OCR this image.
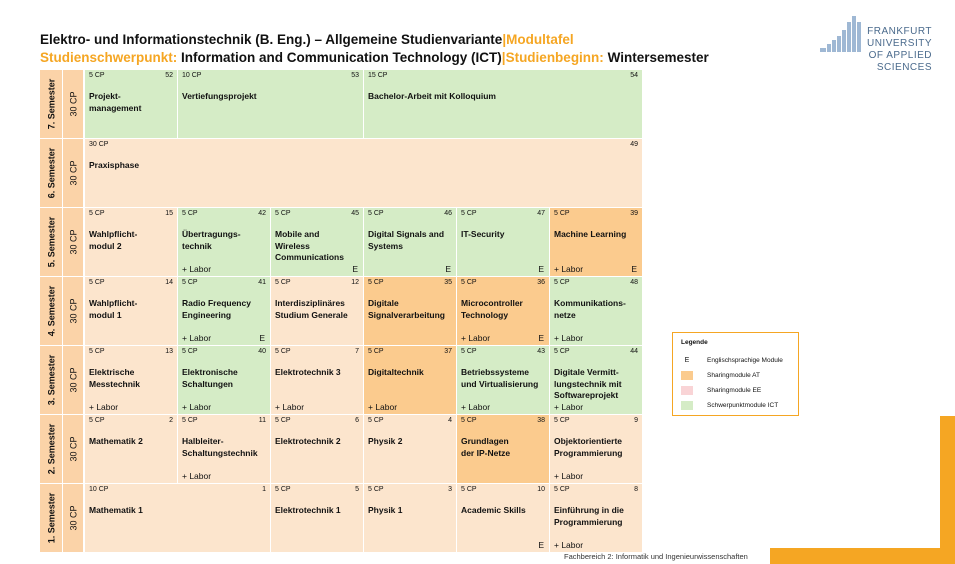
Elektro- und Informationstechnik (B. Eng.) – Allgemeine Studienvariante|Modultafel
Studienschwerpunkt: Information and Communication Technology (ICT)|Studienbeginn: Wintersemester
FRANKFURT
UNIVERSITY
OF APPLIED SCIENCES
7. Semester 30 CP
5 CP	52
Projekt-
management
10 CP	53
Vertiefungsprojekt
15 CP	54
Bachelor-Arbeit mit Kolloquium
6. Semester 30 CP
30 CP	49
Praxisphase
5. Semester 30 CP
5 CP	15
Wahlpflicht-
modul 2
5 CP	42
Übertragungs-
technik
+ Labor
5 CP	45
Mobile and
Wireless
Communications
E
5 CP	46
Digital Signals and
Systems
E
5 CP	47
IT-Security
E
5 CP	39
Machine Learning
+ Labor	E
4. Semester 30 CP
5 CP	14
Wahlpflicht-
modul 1
5 CP	41
Radio Frequency
Engineering
+ Labor	E
5 CP	12
Interdisziplinäres
Studium Generale
5 CP	35
Digitale
Signalverarbeitung
5 CP	36
Microcontroller
Technology
+ Labor	E
5 CP	48
Kommunikations-
netze
+ Labor
3. Semester 30 CP
5 CP	13
Elektrische
Messtechnik
+ Labor
5 CP	40
Elektronische
Schaltungen
+ Labor
5 CP	7
Elektrotechnik 3
+ Labor
5 CP	37
Digitaltechnik
+ Labor
5 CP	43
Betriebssysteme
und Virtualisierung
+ Labor
5 CP	44
Digitale Vermitt-
lungstechnik mit
Softwareprojekt
+ Labor
2. Semester 30 CP
5 CP	2
Mathematik 2
5 CP	11
Halbleiter-
Schaltungstechnik
+ Labor
5 CP	6
Elektrotechnik 2
5 CP	4
Physik 2
5 CP	38
Grundlagen
der IP-Netze
5 CP	9
Objektorientierte
Programmierung
+ Labor
1. Semester 30 CP
10 CP	1
Mathematik 1
5 CP	5
Elektrotechnik 1
5 CP	3
Physik 1
5 CP	10
Academic Skills
E
5 CP	8
Einführung in die
Programmierung
+ Labor
Legende
E	Englischsprachige Module
Sharingmodule AT
Sharingmodule EE
Schwerpunktmodule ICT
Fachbereich 2: Informatik und Ingenieurwissenschaften
